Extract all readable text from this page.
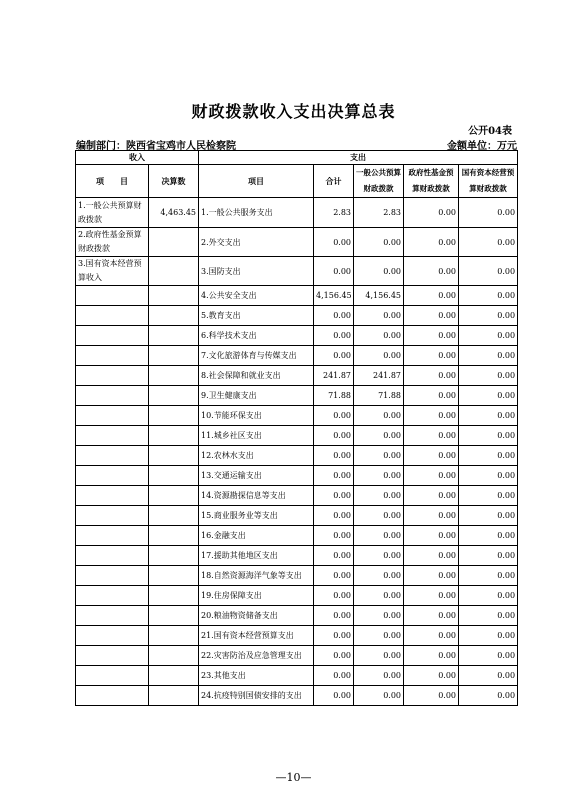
财政拨款收入支出决算总表
公开04表
编制部门：陕西省宝鸡市人民检察院	金额单位：万元
收入		支出				
项　　目	决算数	项目	合计	一般公共预算财政拨款	政府性基金预算财政拨款	国有资本经营预算财政拨款
1.一般公共预算财政拨款	4,463.45	1.一般公共服务支出	2.83	2.83	0.00	0.00
2.政府性基金预算财政拨款		2.外交支出	0.00	0.00	0.00	0.00
3.国有资本经营预算收入		3.国防支出	0.00	0.00	0.00	0.00
		4.公共安全支出	4,156.45	4,156.45	0.00	0.00
		5.教育支出	0.00	0.00	0.00	0.00
		6.科学技术支出	0.00	0.00	0.00	0.00
		7.文化旅游体育与传媒支出	0.00	0.00	0.00	0.00
		8.社会保障和就业支出	241.87	241.87	0.00	0.00
		9.卫生健康支出	71.88	71.88	0.00	0.00
		10.节能环保支出	0.00	0.00	0.00	0.00
		11.城乡社区支出	0.00	0.00	0.00	0.00
		12.农林水支出	0.00	0.00	0.00	0.00
		13.交通运输支出	0.00	0.00	0.00	0.00
		14.资源勘探信息等支出	0.00	0.00	0.00	0.00
		15.商业服务业等支出	0.00	0.00	0.00	0.00
		16.金融支出	0.00	0.00	0.00	0.00
		17.援助其他地区支出	0.00	0.00	0.00	0.00
		18.自然资源海洋气象等支出	0.00	0.00	0.00	0.00
		19.住房保障支出	0.00	0.00	0.00	0.00
		20.粮油物资储备支出	0.00	0.00	0.00	0.00
		21.国有资本经营预算支出	0.00	0.00	0.00	0.00
		22.灾害防治及应急管理支出	0.00	0.00	0.00	0.00
		23.其他支出	0.00	0.00	0.00	0.00
		24.抗疫特别国债安排的支出	0.00	0.00	0.00	0.00
—10—
